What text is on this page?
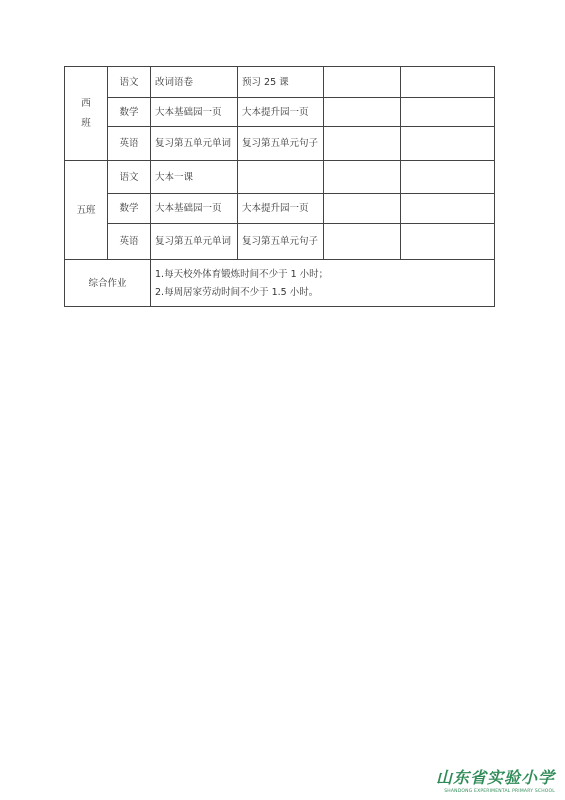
西
班	语文	改词语卷	预习 25 课		
	数学	大本基础园一页	大本提升园一页		
	英语	复习第五单元单词	复习第五单元句子		
五班	语文	大本一课			
	数学	大本基础园一页	大本提升园一页		
	英语	复习第五单元单词	复习第五单元句子		
综合作业		1.每天校外体育锻炼时间不少于 1 小时；
2.每周居家劳动时间不少于 1.5 小时。			
山东省实验小学
SHANDONG EXPERIMENTAL PRIMARY SCHOOL
